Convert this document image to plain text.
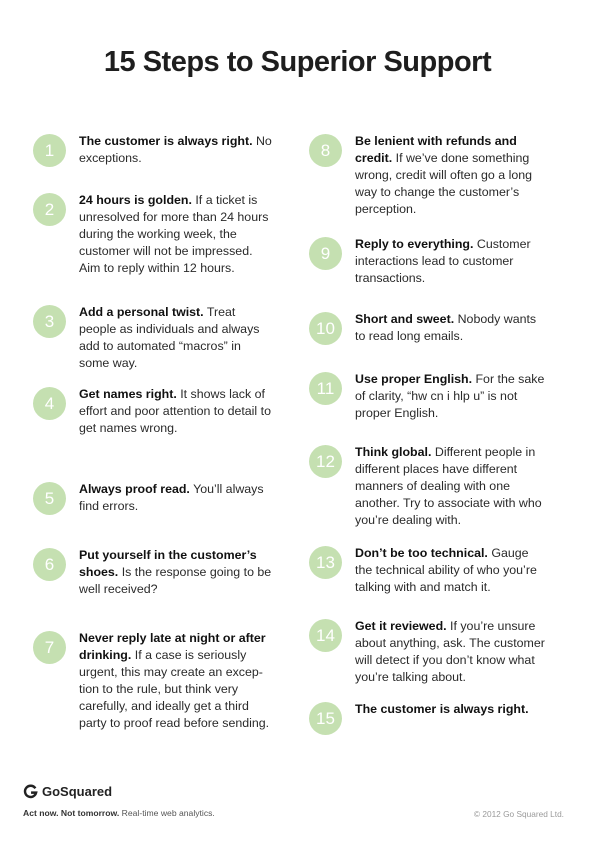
15 Steps to Superior Support
1	The customer is always right. No exceptions.
2	24 hours is golden. If a ticket is unresolved for more than 24 hours during the working week, the customer will not be impressed. Aim to reply within 12 hours.
3	Add a personal twist. Treat people as individuals and always add to automated “macros” in some way.
4	Get names right. It shows lack of effort and poor attention to detail to get names wrong.
5	Always proof read. You’ll always find errors.
6	Put yourself in the customer’s shoes. Is the response going to be well received?
7	Never reply late at night or after drinking. If a case is seriously urgent, this may create an excep-tion to the rule, but think very carefully, and ideally get a third party to proof read before sending.
8	Be lenient with refunds and credit. If we’ve done something wrong, credit will often go a long way to change the customer’s perception.
9	Reply to everything. Customer interactions lead to customer transactions.
10	Short and sweet. Nobody wants to read long emails.
11	Use proper English. For the sake of clarity, “hw cn i hlp u” is not proper English.
12	Think global. Different people in different places have different manners of dealing with one another. Try to associate with who you’re dealing with.
13	Don’t be too technical. Gauge the technical ability of who you’re talking with and match it.
14	Get it reviewed. If you’re unsure about anything, ask. The customer will detect if you don’t know what you’re talking about.
15	The customer is always right.
GoSquared
Act now. Not tomorrow. Real-time web analytics.	© 2012 Go Squared Ltd.
